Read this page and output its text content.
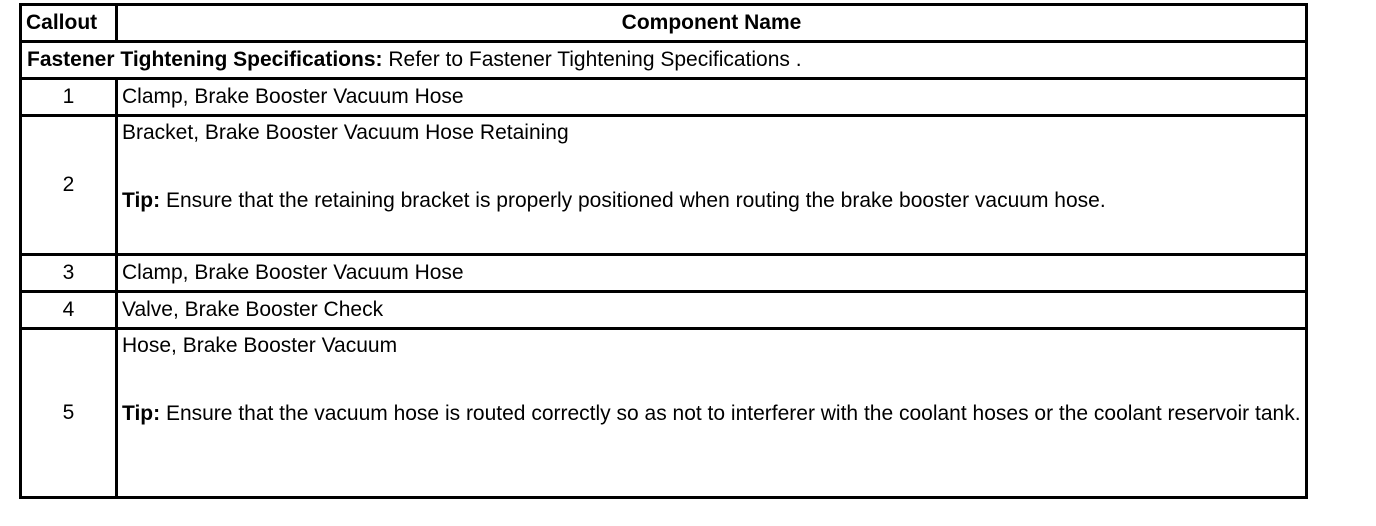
Callout	Component Name
Fastener Tightening Specifications: Refer to Fastener Tightening Specifications .	
1	Clamp, Brake Booster Vacuum Hose
2	Bracket, Brake Booster Vacuum Hose Retaining
Tip: Ensure that the retaining bracket is properly positioned when routing the brake booster vacuum hose.

3	Clamp, Brake Booster Vacuum Hose
4	Valve, Brake Booster Check
5	Hose, Brake Booster Vacuum
Tip: Ensure that the vacuum hose is routed correctly so as not to interferer with the coolant hoses or the coolant reservoir tank.
